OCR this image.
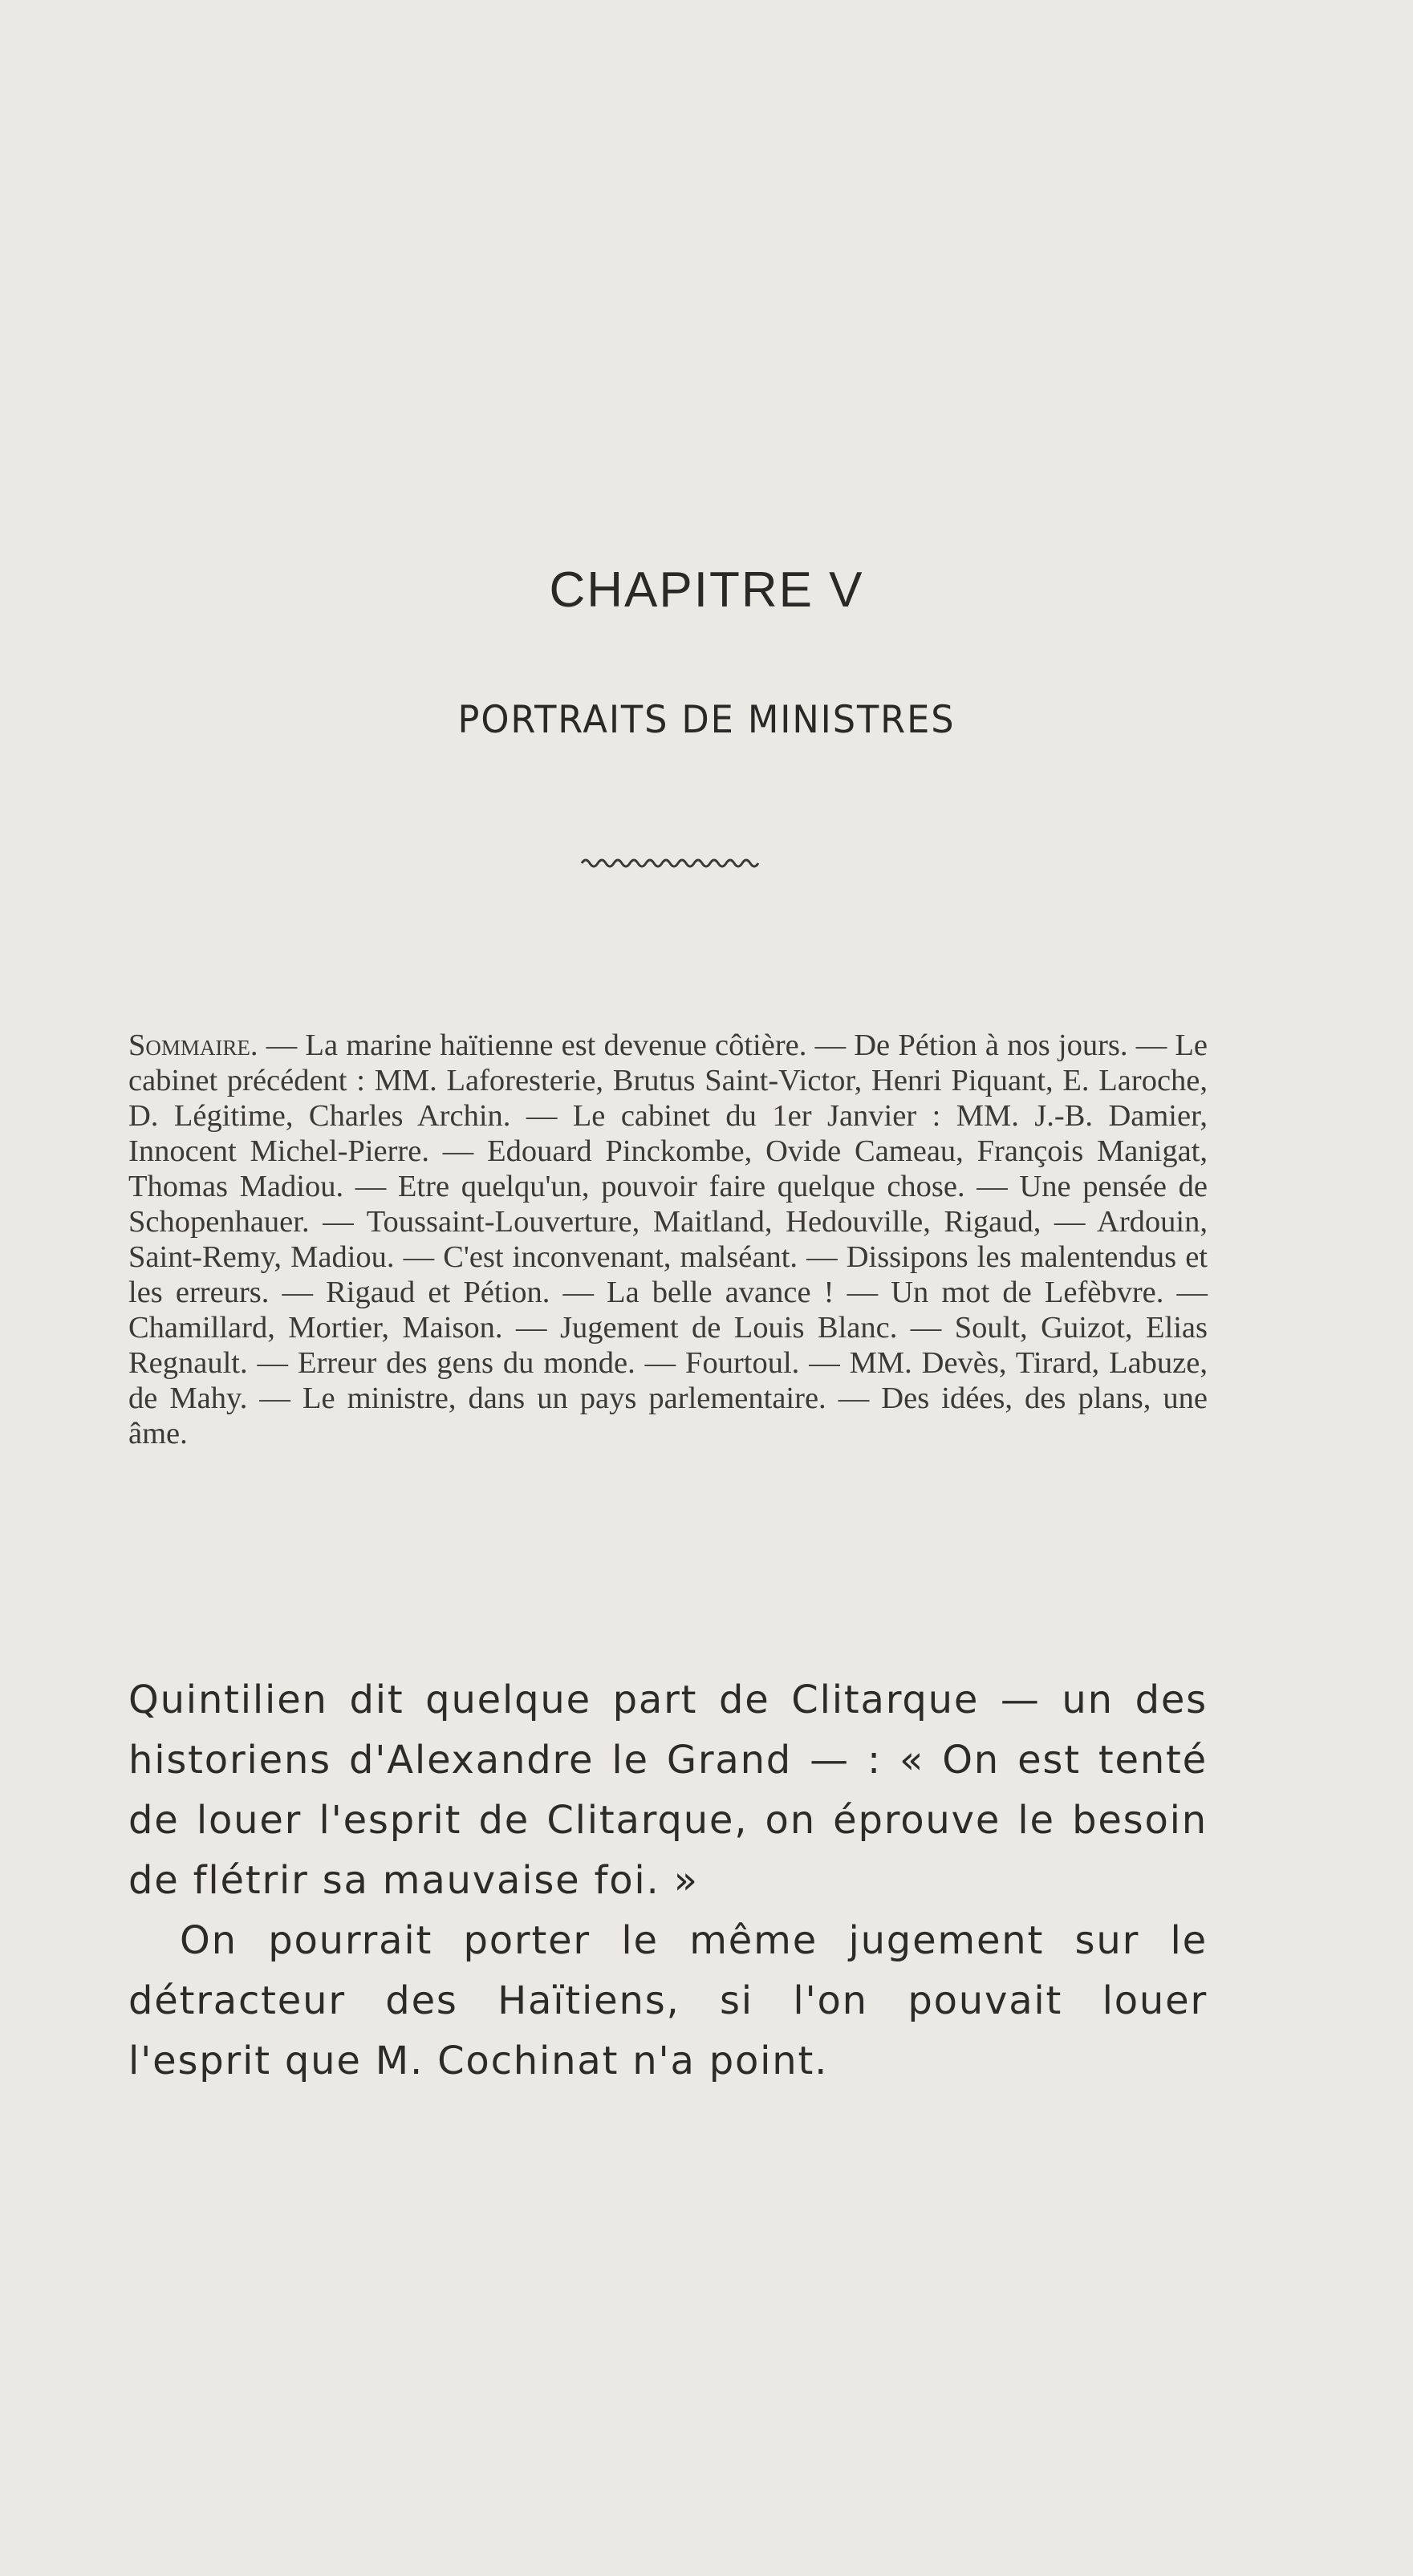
CHAPITRE V
PORTRAITS DE MINISTRES

Sommaire. — La marine haïtienne est devenue côtière. — De Pétion à nos jours. — Le cabinet précédent : MM. Laforesterie, Brutus Saint-Victor, Henri Piquant, E. Laroche, D. Légitime, Charles Archin. — Le cabinet du 1er Janvier : MM. J.-B. Damier, Innocent Michel-Pierre. — Edouard Pinckombe, Ovide Cameau, François Manigat, Thomas Madiou. — Etre quelqu'un, pouvoir faire quelque chose. — Une pensée de Schopenhauer. — Toussaint-Louverture, Maitland, Hedouville, Rigaud, — Ardouin, Saint-Remy, Madiou. — C'est inconvenant, malséant. — Dissipons les malentendus et les erreurs. — Rigaud et Pétion. — La belle avance ! — Un mot de Lefèbvre. — Chamillard, Mortier, Maison. — Jugement de Louis Blanc. — Soult, Guizot, Elias Regnault. — Erreur des gens du monde. — Fourtoul. — MM. Devès, Tirard, Labuze, de Mahy. — Le ministre, dans un pays parlementaire. — Des idées, des plans, une âme.

Quintilien dit quelque part de Clitarque — un des historiens d'Alexandre le Grand — : « On est tenté de louer l'esprit de Clitarque, on éprouve le besoin de flétrir sa mauvaise foi. »

On pourrait porter le même jugement sur le détracteur des Haïtiens, si l'on pouvait louer l'esprit que M. Cochinat n'a point.
